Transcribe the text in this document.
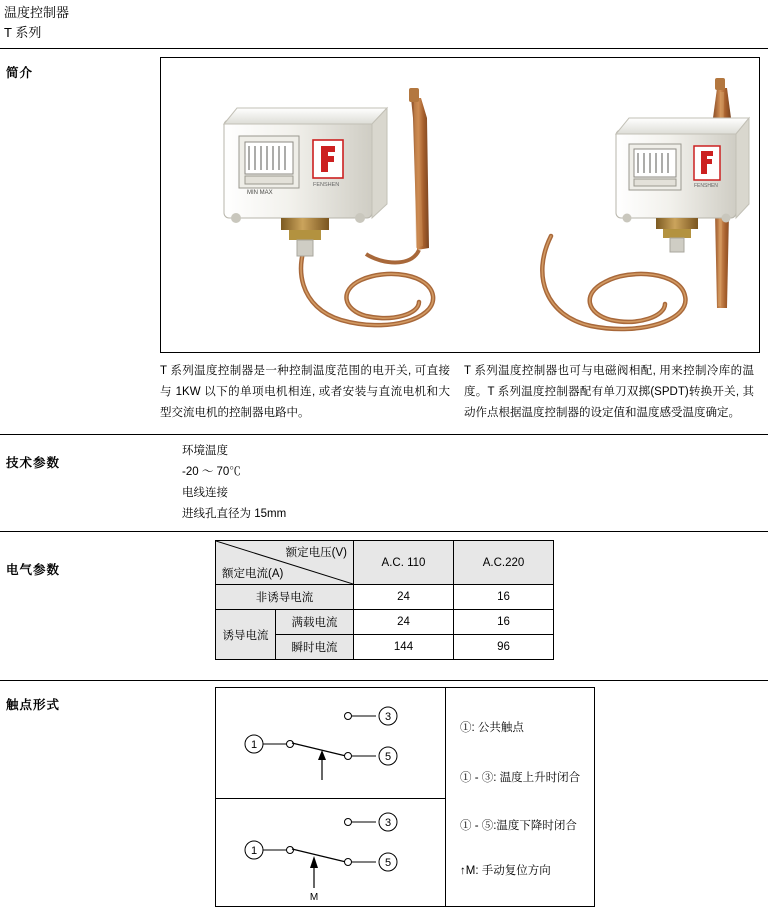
温度控制器
T 系列
简介
MIN MAX
FENSHEN	FENSHEN
T 系列温度控制器是一种控制温度范围的电开关, 可直接与 1KW 以下的单项电机相连, 或者安装与直流电机和大型交流电机的控制器电路中。
T 系列温度控制器也可与电磁阀相配, 用来控制冷库的温度。T 系列温度控制器配有单刀双掷(SPDT)转换开关, 其动作点根据温度控制器的设定值和温度感受温度确定。
技术参数
环境温度
-20 ～ 70℃
电线连接
进线孔直径为 15mm
电气参数
额定电压(V)
额定电流(A)		A.C. 110	A.C.220
非诱导电流		24	16
诱导电流	满载电流	24	16
	瞬时电流	144	96
触点形式
1
5
3
1
5
3
M
①: 公共触点
① - ③: 温度上升时闭合
① - ⑤:温度下降时闭合
↑M: 手动复位方向
